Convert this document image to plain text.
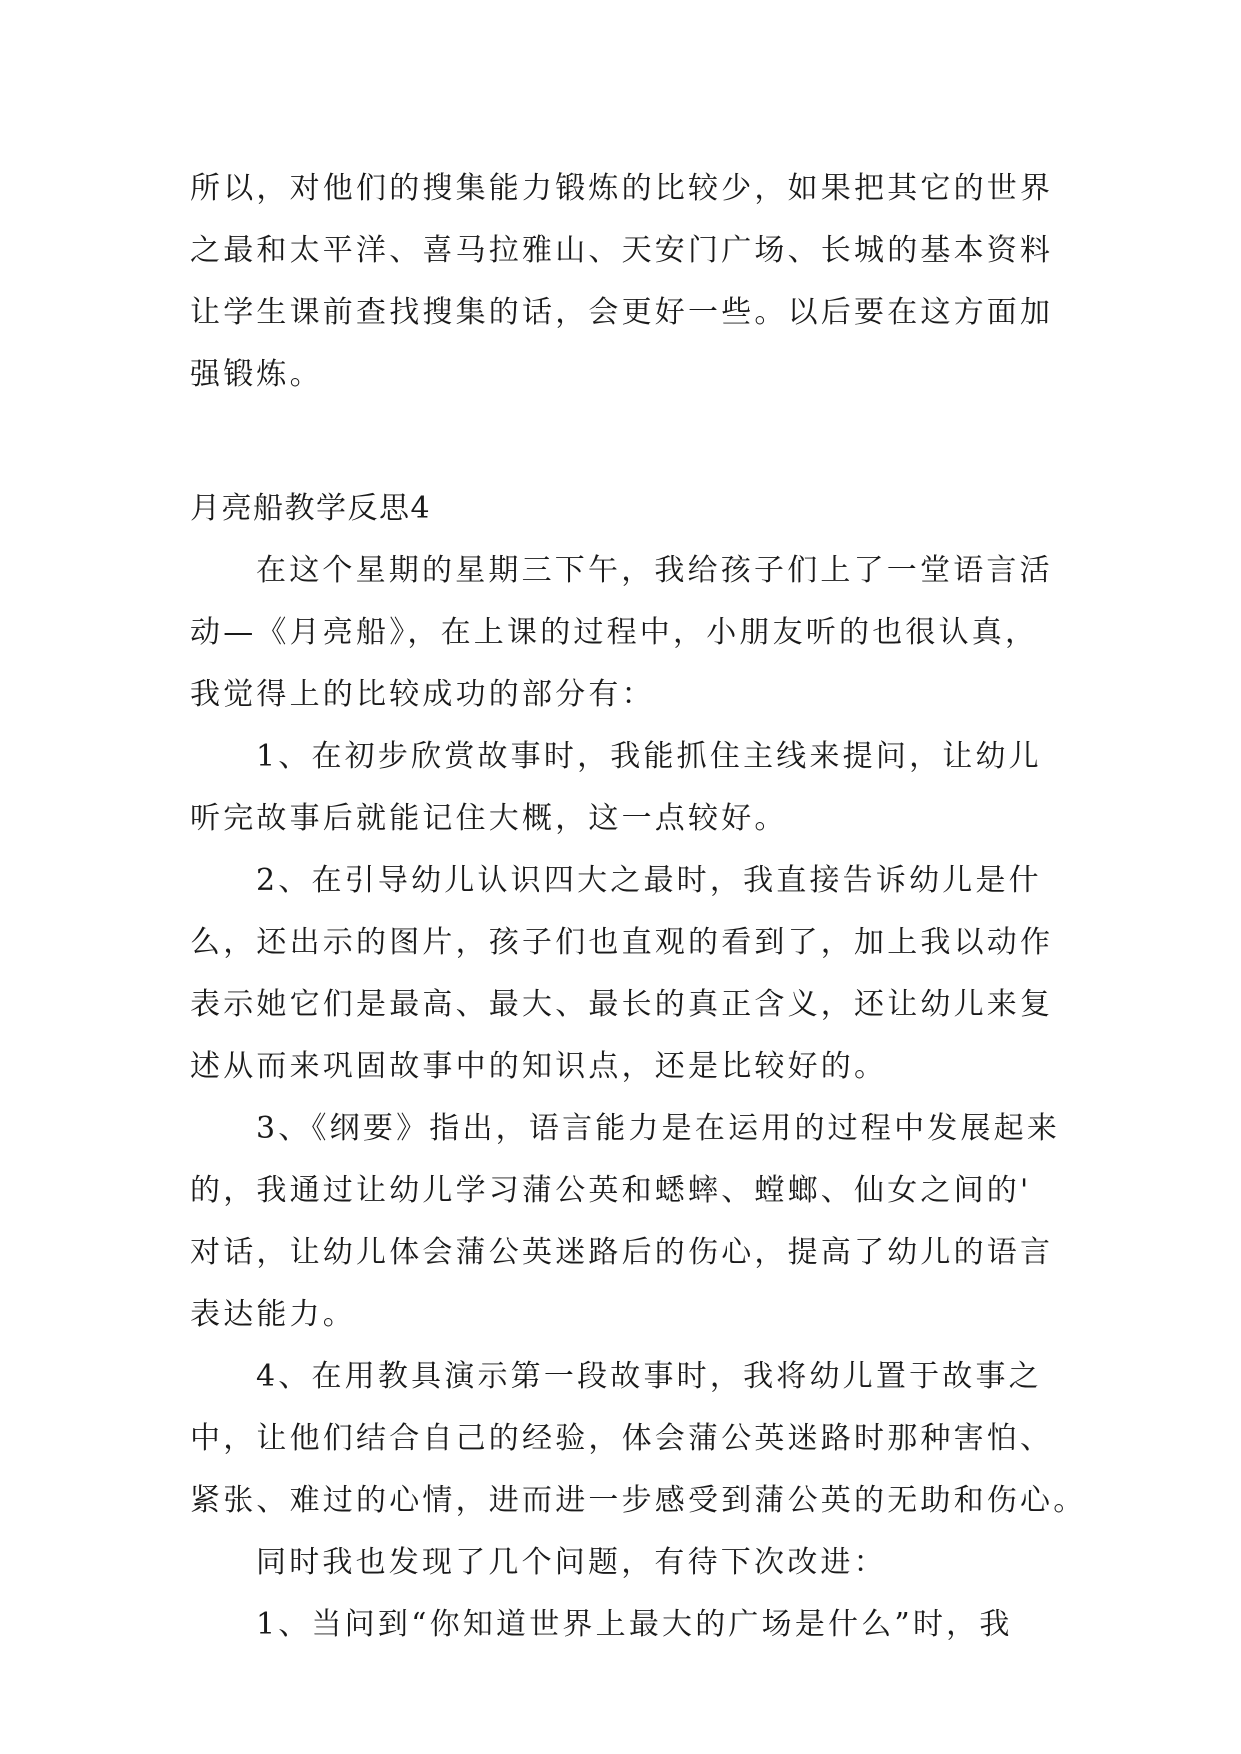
所以，对他们的搜集能力锻炼的比较少，如果把其它的世界
之最和太平洋、喜马拉雅山、天安门广场、长城的基本资料
让学生课前查找搜集的话，会更好一些。以后要在这方面加
强锻炼。
月亮船教学反思4
在这个星期的星期三下午，我给孩子们上了一堂语言活
动—《月亮船》，在上课的过程中，小朋友听的也很认真，
我觉得上的比较成功的部分有：
1、在初步欣赏故事时，我能抓住主线来提问，让幼儿
听完故事后就能记住大概，这一点较好。
2、在引导幼儿认识四大之最时，我直接告诉幼儿是什
么，还出示的图片，孩子们也直观的看到了，加上我以动作
表示她它们是最高、最大、最长的真正含义，还让幼儿来复
述从而来巩固故事中的知识点，还是比较好的。
3、《纲要》指出，语言能力是在运用的过程中发展起来
的，我通过让幼儿学习蒲公英和蟋蟀、螳螂、仙女之间的'
对话，让幼儿体会蒲公英迷路后的伤心，提高了幼儿的语言
表达能力。
4、在用教具演示第一段故事时，我将幼儿置于故事之
中，让他们结合自己的经验，体会蒲公英迷路时那种害怕、
紧张、难过的心情，进而进一步感受到蒲公英的无助和伤心。
同时我也发现了几个问题，有待下次改进：
1、当问到“你知道世界上最大的广场是什么”时，我
